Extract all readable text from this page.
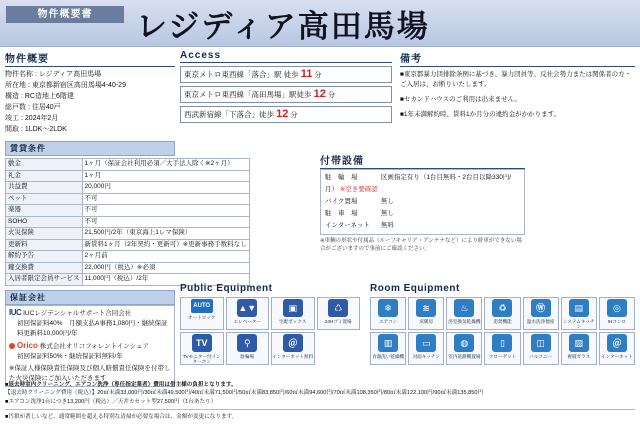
物件概要書	レジディア高田馬場
物件概要
物件名称 : レジディア高田馬場
所在地 : 東京都新宿区高田馬場4-40-29
構造 : RC造地上6階建
総戸数 : 住居40戸
竣工 : 2024年2月
間取 : 1LDK～2LDK
賃貸条件
敷金	1ヶ月（保証会社利用必須／大手法人除く※2ヶ月）
礼金	1ヶ月
共益費	20,000円
ペット	不可
楽器	不可
SOHO	不可
火災保険	21,500円/2年（東京海上1レマ保険）
更新料	新賃料1ヶ月（2年契約・更新可）※更新事務手数料なし
解約予告	2ヶ月前
鍵交換費	22,000円（税込）※必須
入居者限定会員サービス	11,000円（税込）/2年
保証会社
IUC IUCレジデンシャルサポート合同会社
初回保証料40%　月額支払A事務1,080円・継続保証料更新料10,000円/年
Orico 株式会社オリコフォレントインシュア
初回保証料50%・継続保証料無料/年
※保証人様保険責任保険及び個人賠償責任保険を付帯した火災保険にご加入いただきます
Access
東京メトロ東西線「落合」駅 徒歩 11 分
東京メトロ東西線「高田馬場」駅徒歩 12 分
西武新宿線「下落合」徒歩 12 分
付帯設備
駐　輪　場	区画指定有り（1台目無料・2台目以降330円/月） ※空き要確認
バイク置場	無し
駐　車　場	無し
インターネット 無料
※車輌の形状や付属品（ルーフキャリア・アンテナなど）により駐車ができない場合がございますので事前にご確認ください。
備考

■東京都暴力団排除条例に基づき、暴力団員等、反社会勢力または関係者の方・ご入居は、お断りいたします。

■セカンドハウスのご利用は出来ません。

■1年未満解約時、賃料1か月分の違約金がかかります。

Public Equipment
AUTO
オートロック
▲▼
エレベーター
▣
宅配ボックス
♺
24Hゴミ置場
TV
TVモニター付インターホン
⚲
駐輪場
＠
インターネット無料
Room Equipment
❄
エアコン
≋
床暖房
♨
浴室換気乾燥機
♻
追焚機能
Ⓦ
温水洗浄便座
▤
システムキッチン
◎
IHコンロ
▥
食器洗い乾燥機
▭
対面キッチン
◍
室内洗濯機置場
▯
クローゼット
◫
バルコニー
▨
複層ガラス
＠
インターネット
■退去時室内クリーニング、エアコン洗浄（専任指定業者）費用は借主様の負担となります。
【退去時クリーニング費用（税込）】20㎡未満33,000円/30㎡未満49,500円/40㎡未満71,500円/50㎡未満83,850円/60㎡未満94,600円/70㎡未満108,350円/80㎡未満122,100円/90㎡未満135,850円
■エアコン洗浄1台につき13,200円（税込）／天井カセット型27,500円（1台あたり）
■汚損が著しいなど、通常範囲を超える特別な清掃が必要な場合は、金額が変更になります。
